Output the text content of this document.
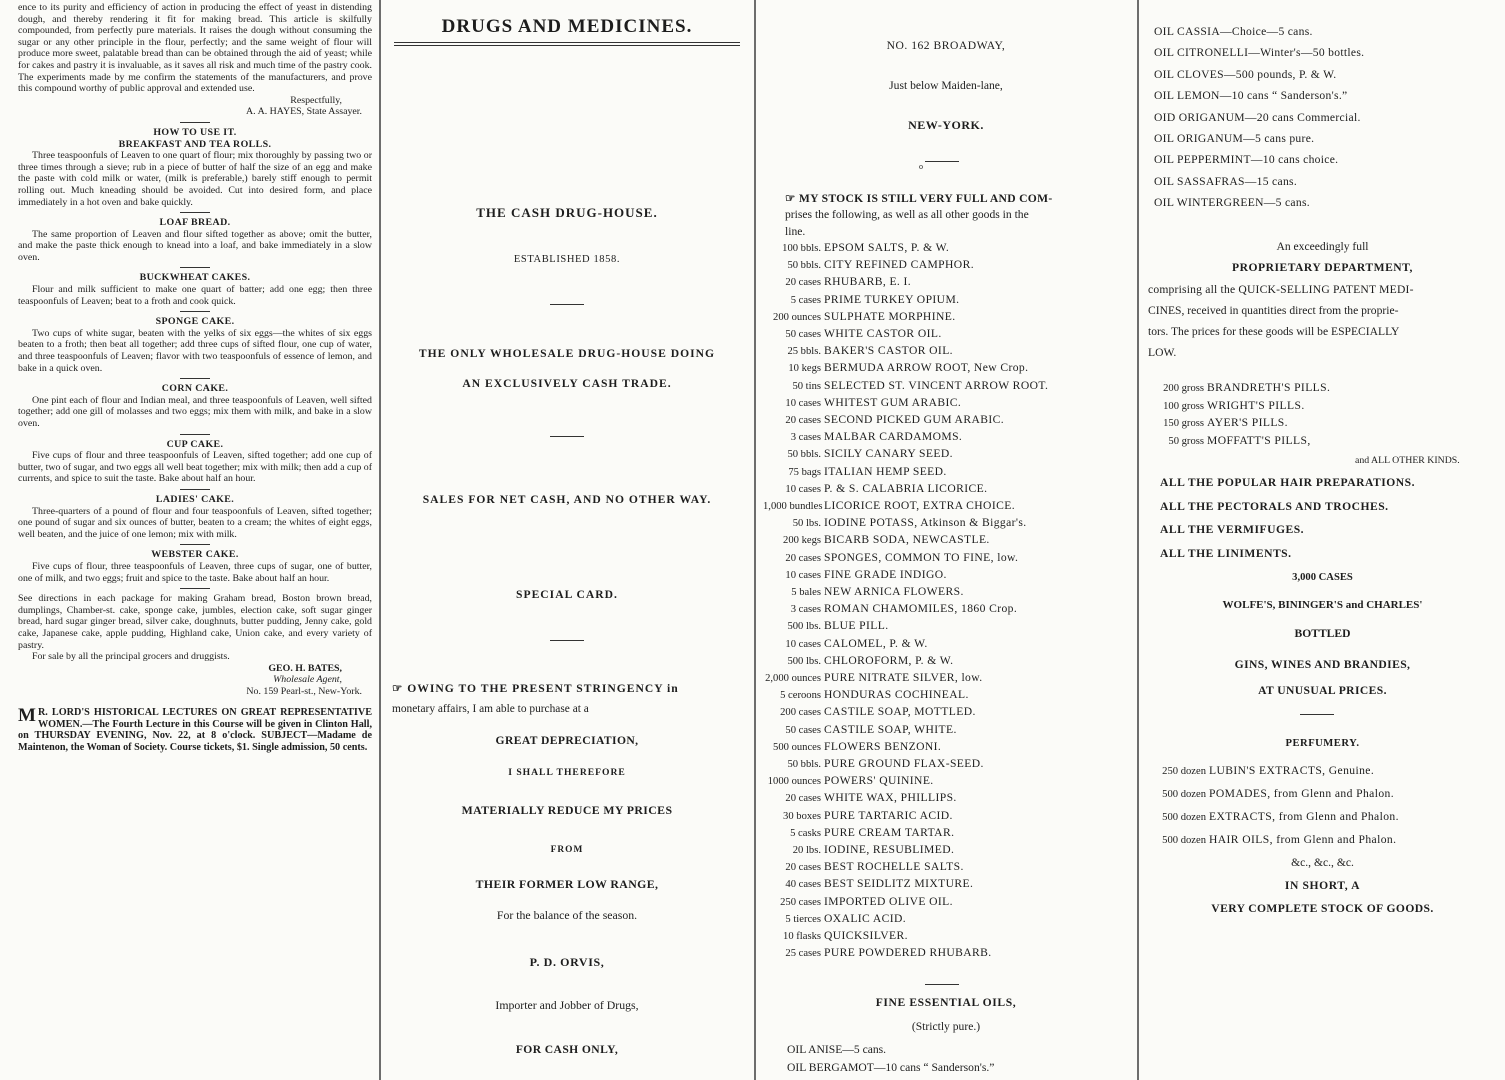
ence to its purity and efficiency of action in producing the effect of yeast in distending dough, and thereby rendering it fit for making bread. This article is skilfully compounded, from perfectly pure materials. It raises the dough without consuming the sugar or any other principle in the flour, perfectly; and the same weight of flour will produce more sweet, palatable bread than can be obtained through the aid of yeast; while for cakes and pastry it is invaluable, as it saves all risk and much time of the pastry cook. The experiments made by me confirm the statements of the manufacturers, and prove this compound worthy of public approval and extended use.

Respectfully,

A. A. HAYES, State Assayer.

HOW TO USE IT.

BREAKFAST AND TEA ROLLS.

Three teaspoonfuls of Leaven to one quart of flour; mix thoroughly by passing two or three times through a sieve; rub in a piece of butter of half the size of an egg and make the paste with cold milk or water, (milk is preferable,) barely stiff enough to permit rolling out. Much kneading should be avoided. Cut into desired form, and place immediately in a hot oven and bake quickly.

LOAF BREAD.

The same proportion of Leaven and flour sifted together as above; omit the butter, and make the paste thick enough to knead into a loaf, and bake immediately in a slow oven.

BUCKWHEAT CAKES.

Flour and milk sufficient to make one quart of batter; add one egg; then three teaspoonfuls of Leaven; beat to a froth and cook quick.

SPONGE CAKE.

Two cups of white sugar, beaten with the yelks of six eggs—the whites of six eggs beaten to a froth; then beat all together; add three cups of sifted flour, one cup of water, and three teaspoonfuls of Leaven; flavor with two teaspoonfuls of essence of lemon, and bake in a quick oven.

CORN CAKE.

One pint each of flour and Indian meal, and three teaspoonfuls of Leaven, well sifted together; add one gill of molasses and two eggs; mix them with milk, and bake in a slow oven.

CUP CAKE.

Five cups of flour and three teaspoonfuls of Leaven, sifted together; add one cup of butter, two of sugar, and two eggs all well beat together; mix with milk; then add a cup of currents, and spice to suit the taste. Bake about half an hour.

LADIES' CAKE.

Three-quarters of a pound of flour and four teaspoonfuls of Leaven, sifted together; one pound of sugar and six ounces of butter, beaten to a cream; the whites of eight eggs, well beaten, and the juice of one lemon; mix with milk.

WEBSTER CAKE.

Five cups of flour, three teaspoonfuls of Leaven, three cups of sugar, one of butter, one of milk, and two eggs; fruit and spice to the taste. Bake about half an hour.

See directions in each package for making Graham bread, Boston brown bread, dumplings, Chamber-st. cake, sponge cake, jumbles, election cake, soft sugar ginger bread, hard sugar ginger bread, silver cake, doughnuts, butter pudding, Jenny cake, gold cake, Japanese cake, apple pudding, Highland cake, Union cake, and every variety of pastry.

For sale by all the principal grocers and druggists.

GEO. H. BATES,

Wholesale Agent,

No. 159 Pearl-st., New-York.

M R. LORD'S HISTORICAL LECTURES ON GREAT REPRESENTATIVE WOMEN.—The Fourth Lecture in this Course will be given in Clinton Hall, on THURSDAY EVENING, Nov. 22, at 8 o'clock. SUBJECT—Madame de Maintenon, the Woman of Society. Course tickets, $1. Single admission, 50 cents.
DRUGS AND MEDICINES.
THE CASH DRUG-HOUSE.
ESTABLISHED 1858.
THE ONLY WHOLESALE DRUG-HOUSE DOING
AN EXCLUSIVELY CASH TRADE.
SALES FOR NET CASH, AND NO OTHER WAY.
SPECIAL CARD.
☞ OWING TO THE PRESENT STRINGENCY in
monetary affairs, I am able to purchase at a
GREAT DEPRECIATION,
I SHALL THEREFORE
MATERIALLY REDUCE MY PRICES
FROM
THEIR FORMER LOW RANGE,
For the balance of the season.
P. D. ORVIS,
Importer and Jobber of Drugs,
FOR CASH ONLY,
NO. 162 BROADWAY,
Just below Maiden-lane,
NEW-YORK.
o
☞ MY STOCK IS STILL VERY FULL AND COM-
prises the following, as well as all other goods in the
line.
100 bbls. EPSOM SALTS, P. & W.
50 bbls. CITY REFINED CAMPHOR.
20 cases RHUBARB, E. I.
5 cases PRIME TURKEY OPIUM.
200 ounces SULPHATE MORPHINE.
50 cases WHITE CASTOR OIL.
25 bbls. BAKER'S CASTOR OIL.
10 kegs BERMUDA ARROW ROOT, New Crop.
50 tins SELECTED ST. VINCENT ARROW ROOT.
10 cases WHITEST GUM ARABIC.
20 cases SECOND PICKED GUM ARABIC.
3 cases MALBAR CARDAMOMS.
50 bbls. SICILY CANARY SEED.
75 bags ITALIAN HEMP SEED.
10 cases P. & S. CALABRIA LICORICE.
1,000 bundles LICORICE ROOT, EXTRA CHOICE.
50 lbs. IODINE POTASS, Atkinson & Biggar's.
200 kegs BICARB SODA, NEWCASTLE.
20 cases SPONGES, COMMON TO FINE, low.
10 cases FINE GRADE INDIGO.
5 bales NEW ARNICA FLOWERS.
3 cases ROMAN CHAMOMILES, 1860 Crop.
500 lbs. BLUE PILL.
10 cases CALOMEL, P. & W.
500 lbs. CHLOROFORM, P. & W.
2,000 ounces PURE NITRATE SILVER, low.
5 ceroons HONDURAS COCHINEAL.
200 cases CASTILE SOAP, MOTTLED.
50 cases CASTILE SOAP, WHITE.
500 ounces FLOWERS BENZONI.
50 bbls. PURE GROUND FLAX-SEED.
1000 ounces POWERS' QUININE.
20 cases WHITE WAX, PHILLIPS.
30 boxes PURE TARTARIC ACID.
5 casks PURE CREAM TARTAR.
20 lbs. IODINE, RESUBLIMED.
20 cases BEST ROCHELLE SALTS.
40 cases BEST SEIDLITZ MIXTURE.
250 cases IMPORTED OLIVE OIL.
5 tierces OXALIC ACID.
10 flasks QUICKSILVER.
25 cases PURE POWDERED RHUBARB.
FINE ESSENTIAL OILS,
(Strictly pure.)
OIL ANISE—5 cans.
OIL BERGAMOT—10 cans “ Sanderson's.”
OIL CASSIA—Choice—5 cans.
OIL CITRONELLI—Winter's—50 bottles.
OIL CLOVES—500 pounds, P. & W.
OIL LEMON—10 cans “ Sanderson's.”
OID ORIGANUM—20 cans Commercial.
OIL ORIGANUM—5 cans pure.
OIL PEPPERMINT—10 cans choice.
OIL SASSAFRAS—15 cans.
OIL WINTERGREEN—5 cans.
An exceedingly full
PROPRIETARY DEPARTMENT,
comprising all the QUICK-SELLING PATENT MEDI-
CINES, received in quantities direct from the proprie-
tors. The prices for these goods will be ESPECIALLY
LOW.
200 gross BRANDRETH'S PILLS.
100 gross WRIGHT'S PILLS.
150 gross AYER'S PILLS.
50 gross MOFFATT'S PILLS,
and ALL OTHER KINDS.
ALL THE POPULAR HAIR PREPARATIONS.
ALL THE PECTORALS AND TROCHES.
ALL THE VERMIFUGES.
ALL THE LINIMENTS.
3,000 CASES
WOLFE'S, BININGER'S and CHARLES'
BOTTLED
GINS, WINES AND BRANDIES,
AT UNUSUAL PRICES.
PERFUMERY.
250 dozen LUBIN'S EXTRACTS, Genuine.
500 dozen POMADES, from Glenn and Phalon.
500 dozen EXTRACTS, from Glenn and Phalon.
500 dozen HAIR OILS, from Glenn and Phalon.
&c., &c., &c.
IN SHORT, A
VERY COMPLETE STOCK OF GOODS.
